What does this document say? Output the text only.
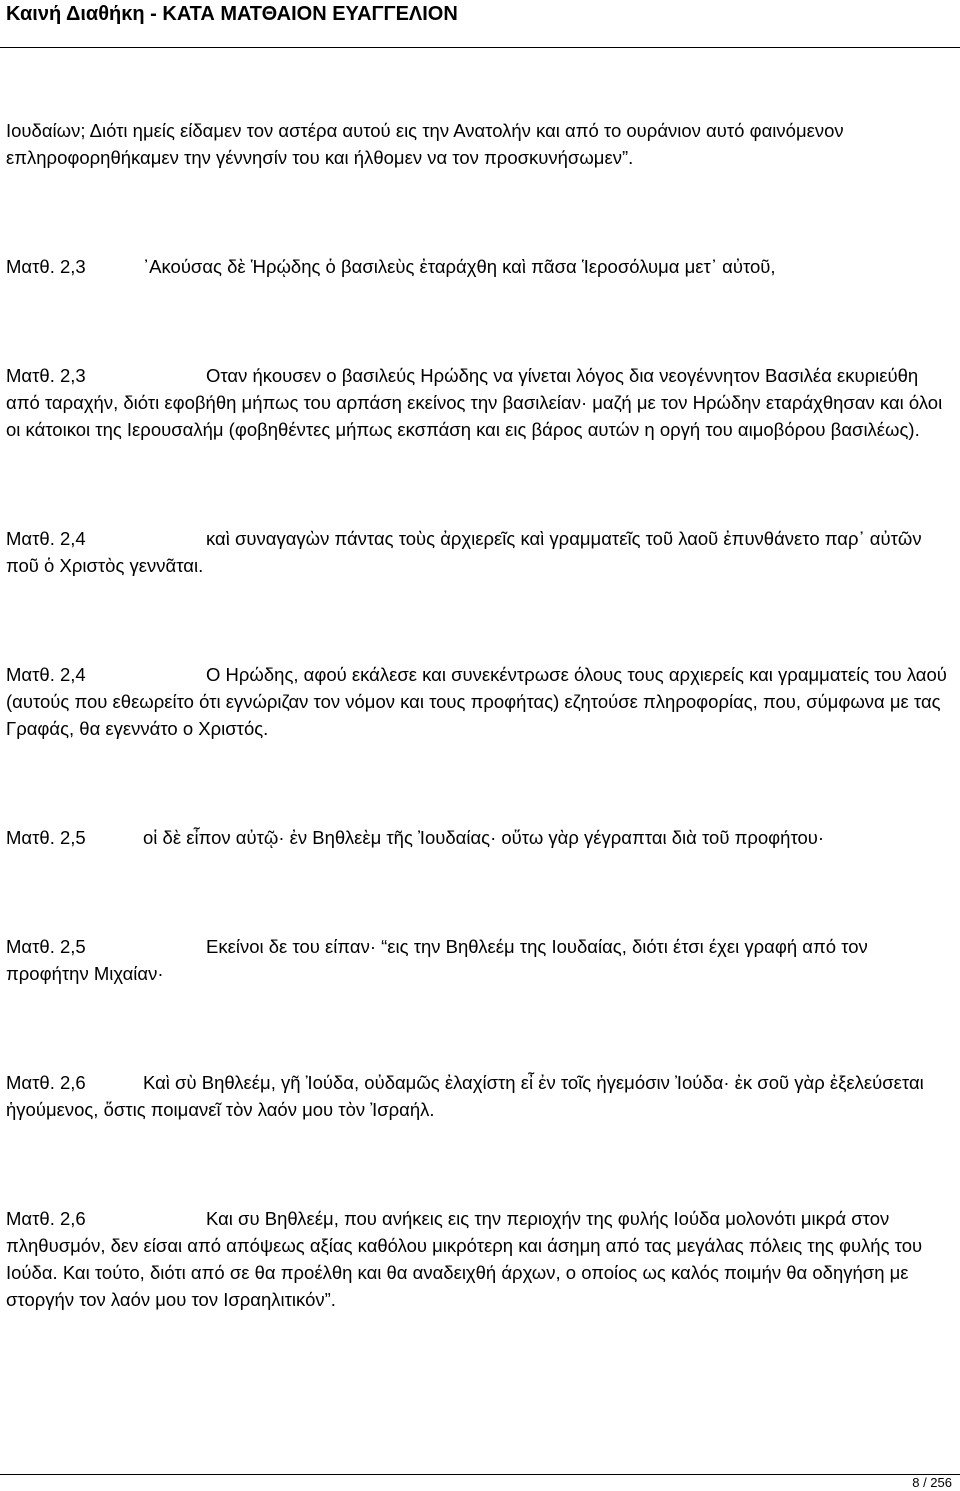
Καινή Διαθήκη - ΚΑΤΑ ΜΑΤΘΑΙΟΝ ΕΥΑΓΓΕΛΙΟΝ

Ιουδαίων; Διότι ημείς είδαμεν τον αστέρα αυτού εις την Ανατολήν και από το ουράνιον αυτό φαινόμενον επληροφορηθήκαμεν την γέννησίν του και ήλθομεν να τον προσκυνήσωμεν”.

Ματθ. 2,3	᾿Ακούσας δὲ Ἡρῴδης ὁ βασιλεὺς ἐταράχθη καὶ πᾶσα Ἱεροσόλυμα μετ᾿ αὐτοῦ,

Ματθ. 2,3	Οταν ήκουσεν ο βασιλεύς Ηρώδης να γίνεται λόγος δια νεογέννητον Βασιλέα εκυριεύθη από ταραχήν, διότι εφοβήθη μήπως του αρπάση εκείνος την βασιλείαν· μαζή με τον Ηρώδην εταράχθησαν και όλοι οι κάτοικοι της Ιερουσαλήμ (φοβηθέντες μήπως εκσπάση και εις βάρος αυτών η οργή του αιμοβόρου βασιλέως).

Ματθ. 2,4	καὶ συναγαγὼν πάντας τοὺς ἀρχιερεῖς καὶ γραμματεῖς τοῦ λαοῦ ἐπυνθάνετο παρ᾿ αὐτῶν ποῦ ὁ Χριστὸς γεννᾶται.

Ματθ. 2,4	Ο Ηρώδης, αφού εκάλεσε και συνεκέντρωσε όλους τους αρχιερείς και γραμματείς του λαού (αυτούς που εθεωρείτο ότι εγνώριζαν τον νόμον και τους προφήτας) εζητούσε πληροφορίας, που, σύμφωνα με τας Γραφάς, θα εγεννάτο ο Χριστός.

Ματθ. 2,5	οἱ δὲ εἶπον αὐτῷ· ἐν Βηθλεὲμ τῆς Ἰουδαίας· οὕτω γὰρ γέγραπται διὰ τοῦ προφήτου·

Ματθ. 2,5	Εκείνοι δε του είπαν· “εις την Βηθλεέμ της Ιουδαίας, διότι έτσι έχει γραφή από τον προφήτην Μιχαίαν·

Ματθ. 2,6	Καὶ σὺ Βηθλεέμ, γῆ Ἰούδα, οὐδαμῶς ἐλαχίστη εἶ ἐν τοῖς ἡγεμόσιν Ἰούδα· ἐκ σοῦ γὰρ ἐξελεύσεται ἡγούμενος, ὅστις ποιμανεῖ τὸν λαόν μου τὸν Ἰσραήλ.

Ματθ. 2,6	Και συ Βηθλεέμ, που ανήκεις εις την περιοχήν της φυλής Ιούδα μολονότι μικρά στον πληθυσμόν, δεν είσαι από απόψεως αξίας καθόλου μικρότερη και άσημη από τας μεγάλας πόλεις της φυλής του Ιούδα. Και τούτο, διότι από σε θα προέλθη και θα αναδειχθή άρχων, ο οποίος ως καλός ποιμήν θα οδηγήση με στοργήν τον λαόν μου τον Ισραηλιτικόν”.

8 / 256
